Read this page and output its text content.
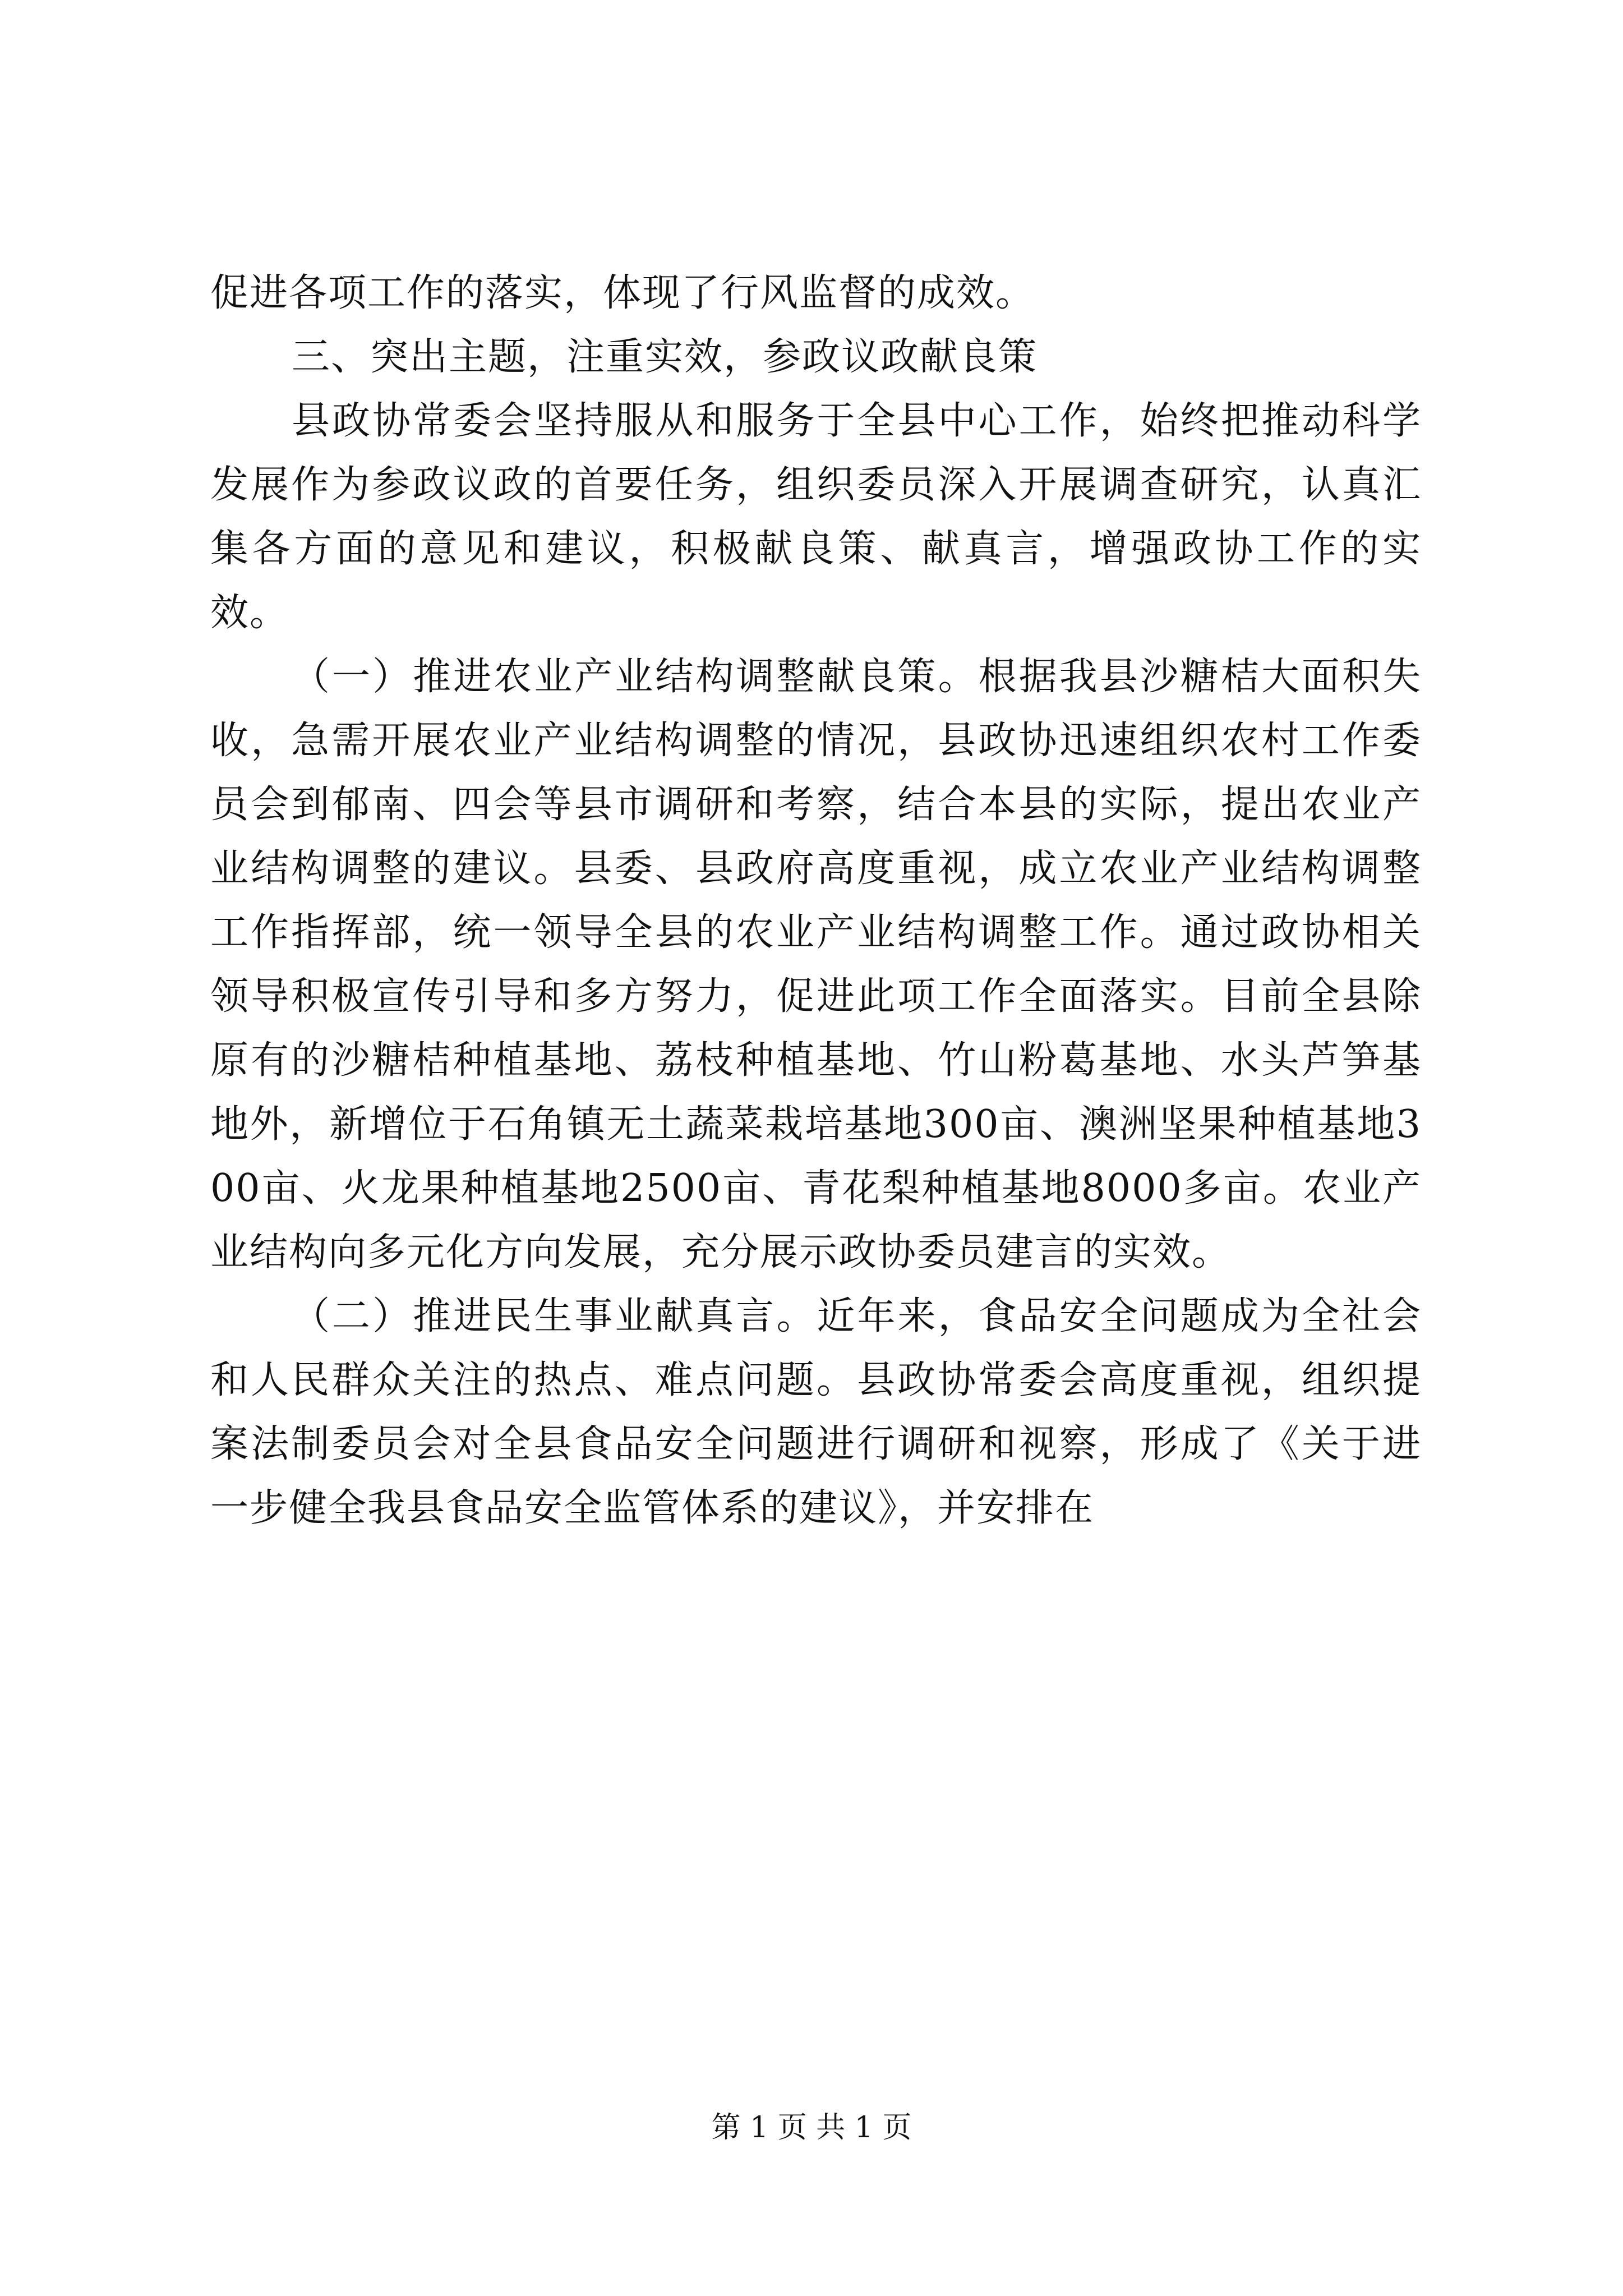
促进各项工作的落实，体现了行风监督的成效。

三、突出主题，注重实效，参政议政献良策

县政协常委会坚持服从和服务于全县中心工作，始终把推动科学发展作为参政议政的首要任务，组织委员深入开展调查研究，认真汇集各方面的意见和建议，积极献良策、献真言，增强政协工作的实效。

（一）推进农业产业结构调整献良策。根据我县沙糖桔大面积失收，急需开展农业产业结构调整的情况，县政协迅速组织农村工作委员会到郁南、四会等县市调研和考察，结合本县的实际，提出农业产业结构调整的建议。县委、县政府高度重视，成立农业产业结构调整工作指挥部，统一领导全县的农业产业结构调整工作。通过政协相关领导积极宣传引导和多方努力，促进此项工作全面落实。目前全县除原有的沙糖桔种植基地、荔枝种植基地、竹山粉葛基地、水头芦笋基地外，新增位于石角镇无土蔬菜栽培基地300亩、澳洲坚果种植基地300亩、火龙果种植基地2500亩、青花梨种植基地8000多亩。农业产业结构向多元化方向发展，充分展示政协委员建言的实效。

（二）推进民生事业献真言。近年来，食品安全问题成为全社会和人民群众关注的热点、难点问题。县政协常委会高度重视，组织提案法制委员会对全县食品安全问题进行调研和视察，形成了《关于进一步健全我县食品安全监管体系的建议》，并安排在

第 1 页 共 1 页
